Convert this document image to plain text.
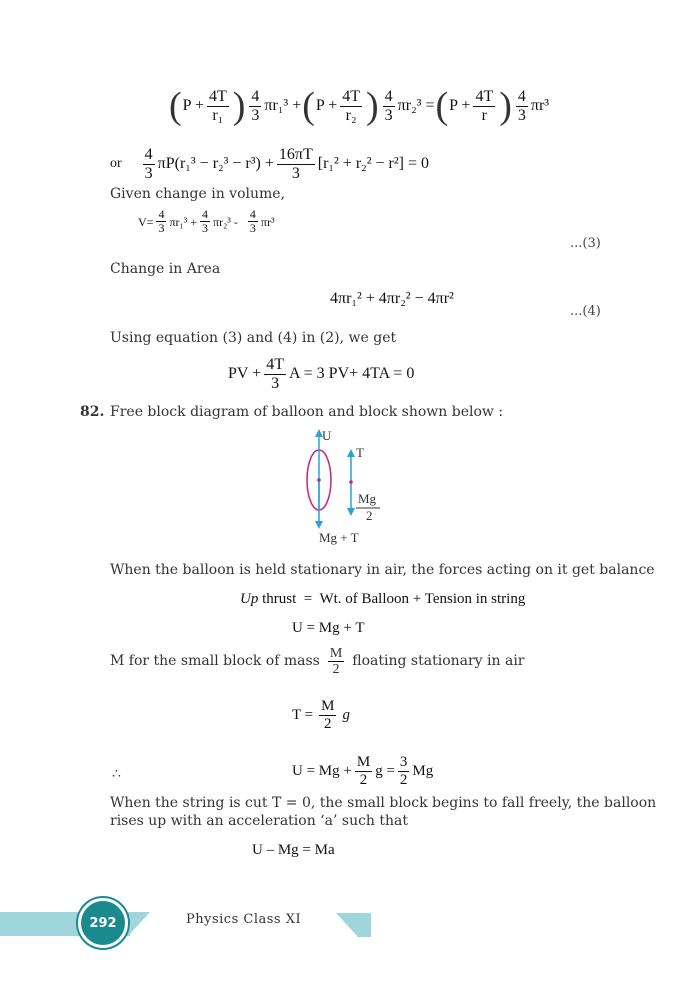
( $P + \frac{4T}{\text{r₁}}$ ) 4
3
πr₁³ + ( $P + \frac{4T}{\text{r₂}}$ ) 4
3
πr₂³ = ( $P + \frac{4T}{r}$ ) 4
3
πr³
or
4
3
$\pi P(r_1^3 - r_2^3 - r^3) + \frac{16\pi T}{3} [r_1^2 + r_2^2 - r^2] = 0$
Given change in volume,
$V= \frac{4}{3} \pi r_1^3 + \frac{4}{3} \pi r_2^3$ -
4
3 πr³
...(3)
Change in Area
4πr₁² + 4πr₂² − 4πr²
...(4)
Using equation (3) and (4) in (2), we get
PV + $\frac{4T}{3}$ A = 3 PV+ 4TA = 0
82. Free block diagram of balloon and block shown below :
U
T
Mg
2
Mg + T
When the balloon is held stationary in air, the forces acting on it get balance
Up thrust  =  Wt. of Balloon + Tension in string
U = Mg + T
M for the small block of mass M
2
floating stationary in air
$T = \frac{M}{2}$ g
∴	$U = Mg + \frac{M}{2}$ $g = \frac{3}{2}$ Mg
When the string is cut T = 0, the small block begins to fall freely, the balloon
rises up with an acceleration ‘a’ such that
U – Mg = Ma
292	Physics Class XI
